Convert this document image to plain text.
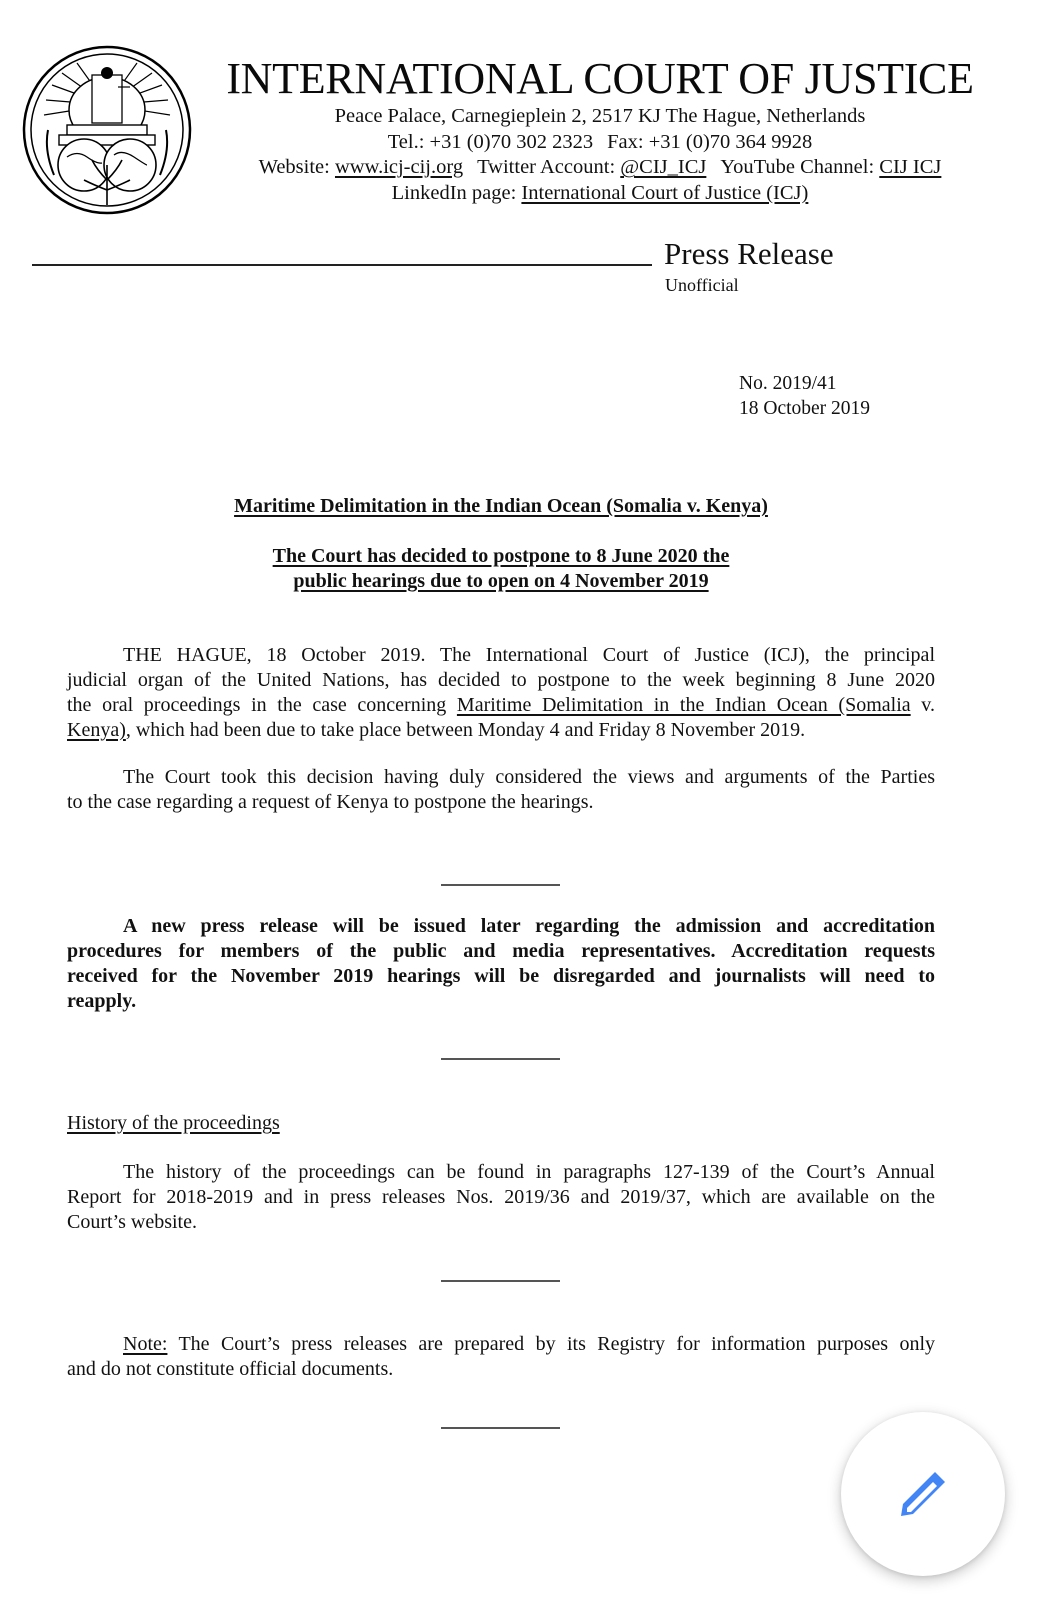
INTERNATIONAL COURT OF JUSTICE
Peace Palace, Carnegieplein 2, 2517 KJ The Hague, Netherlands
Tel.: +31 (0)70 302 2323 Fax: +31 (0)70 364 9928
Website: www.icj-cij.org Twitter Account: @CIJ_ICJ YouTube Channel: CIJ ICJ
LinkedIn page: International Court of Justice (ICJ)
Press Release
Unofficial
No. 2019/41
18 October 2019
Maritime Delimitation in the Indian Ocean (Somalia v. Kenya)
The Court has decided to postpone to 8 June 2020 the
public hearings due to open on 4 November 2019
THE HAGUE, 18 October 2019. The International Court of Justice (ICJ), the principal
judicial organ of the United Nations, has decided to postpone to the week beginning 8 June 2020
the oral proceedings in the case concerning Maritime Delimitation in the Indian Ocean (Somalia v.
Kenya), which had been due to take place between Monday 4 and Friday 8 November 2019.
The Court took this decision having duly considered the views and arguments of the Parties
to the case regarding a request of Kenya to postpone the hearings.
A new press release will be issued later regarding the admission and accreditation
procedures for members of the public and media representatives. Accreditation requests
received for the November 2019 hearings will be disregarded and journalists will need to
reapply.
History of the proceedings
The history of the proceedings can be found in paragraphs 127-139 of the Court’s Annual
Report for 2018-2019 and in press releases Nos. 2019/36 and 2019/37, which are available on the
Court’s website.
Note: The Court’s press releases are prepared by its Registry for information purposes only
and do not constitute official documents.
